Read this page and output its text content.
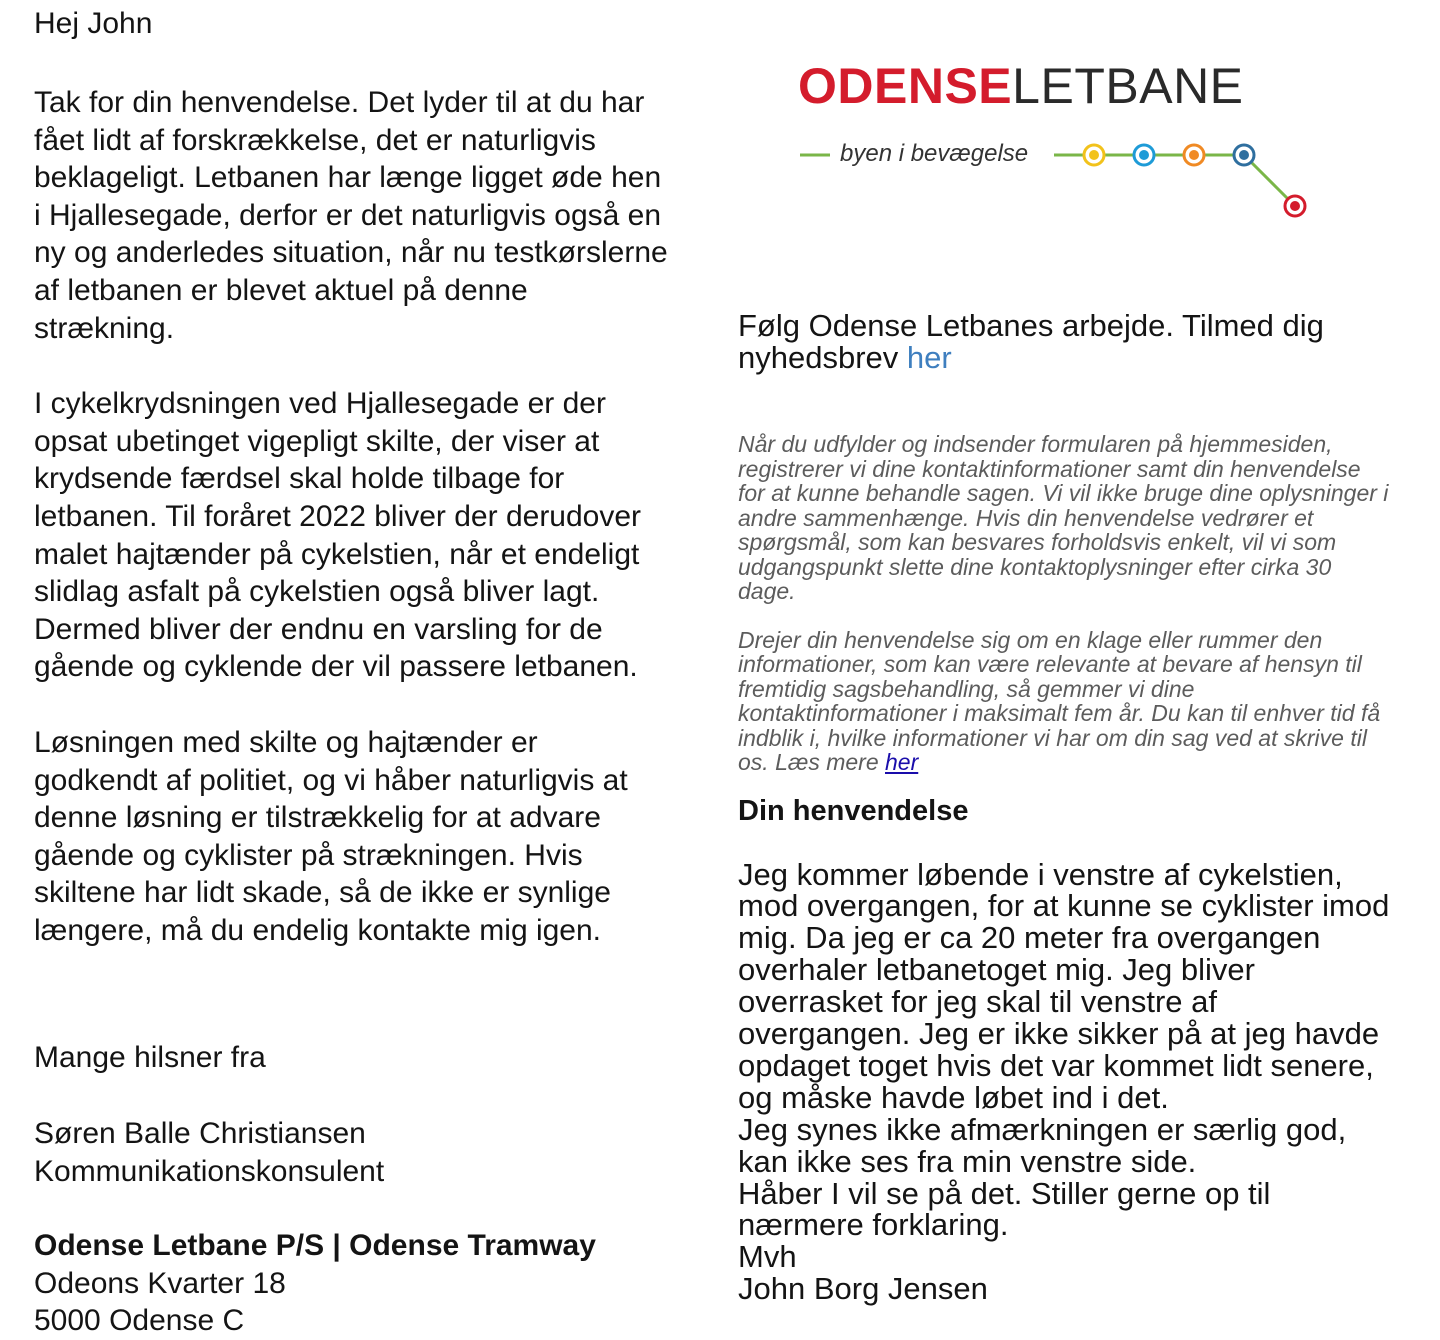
Hej John

Tak for din henvendelse. Det lyder til at du har
fået lidt af forskrækkelse, det er naturligvis
beklageligt. Letbanen har længe ligget øde hen
i Hjallesegade, derfor er det naturligvis også en
ny og anderledes situation, når nu testkørslerne
af letbanen er blevet aktuel på denne
strækning.

I cykelkrydsningen ved Hjallesegade er der
opsat ubetinget vigepligt skilte, der viser at
krydsende færdsel skal holde tilbage for
letbanen. Til foråret 2022 bliver der derudover
malet hajtænder på cykelstien, når et endeligt
slidlag asfalt på cykelstien også bliver lagt.
Dermed bliver der endnu en varsling for de
gående og cyklende der vil passere letbanen.

Løsningen med skilte og hajtænder er
godkendt af politiet, og vi håber naturligvis at
denne løsning er tilstrækkelig for at advare
gående og cyklister på strækningen. Hvis
skiltene har lidt skade, så de ikke er synlige
længere, må du endelig kontakte mig igen.

Mange hilsner fra
Søren Balle Christiansen
Kommunikationskonsulent
Odense Letbane P/S | Odense Tramway
Odeons Kvarter 18
5000 Odense C
ODENSELETBANE
byen i bevægelse

Følg Odense Letbanes arbejde. Tilmed dig
nyhedsbrev her

Når du udfylder og indsender formularen på hjemmesiden,
registrerer vi dine kontaktinformationer samt din henvendelse
for at kunne behandle sagen. Vi vil ikke bruge dine oplysninger i
andre sammenhænge. Hvis din henvendelse vedrører et
spørgsmål, som kan besvares forholdsvis enkelt, vil vi som
udgangspunkt slette dine kontaktoplysninger efter cirka 30
dage.

Drejer din henvendelse sig om en klage eller rummer den
informationer, som kan være relevante at bevare af hensyn til
fremtidig sagsbehandling, så gemmer vi dine
kontaktinformationer i maksimalt fem år. Du kan til enhver tid få
indblik i, hvilke informationer vi har om din sag ved at skrive til
os. Læs mere her

Din henvendelse
Jeg kommer løbende i venstre af cykelstien,
mod overgangen, for at kunne se cyklister imod
mig. Da jeg er ca 20 meter fra overgangen
overhaler letbanetoget mig. Jeg bliver
overrasket for jeg skal til venstre af
overgangen. Jeg er ikke sikker på at jeg havde
opdaget toget hvis det var kommet lidt senere,
og måske havde løbet ind i det.
Jeg synes ikke afmærkningen er særlig god,
kan ikke ses fra min venstre side.
Håber I vil se på det. Stiller gerne op til
nærmere forklaring.
Mvh
John Borg Jensen
